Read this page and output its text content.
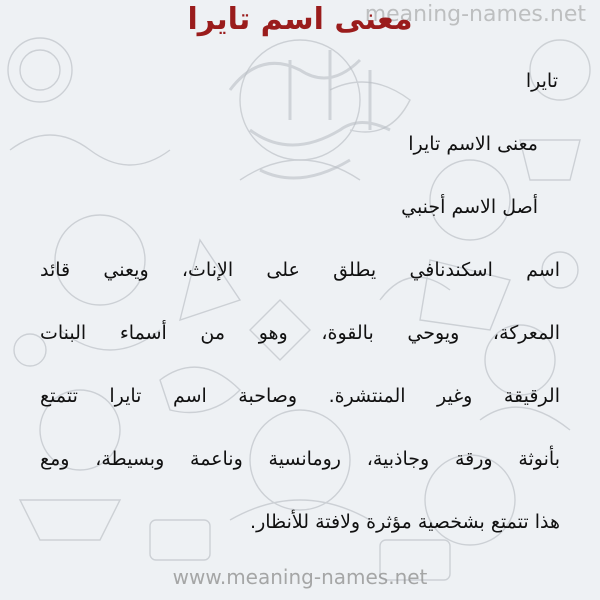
meaning-names.net
معنى اسم تايرا
تايرا
معنى الاسم تايرا
أصل الاسم أجنبي
اسم اسكندنافي يطلق على الإناث، ويعني قائد
المعركة، ويوحي بالقوة، وهو من أسماء البنات
الرقيقة وغير المنتشرة. وصاحبة اسم تايرا تتمتع
بأنوثة ورقة وجاذبية، رومانسية وناعمة وبسيطة، ومع
هذا تتمتع بشخصية مؤثرة ولافتة للأنظار.
www.meaning-names.net
